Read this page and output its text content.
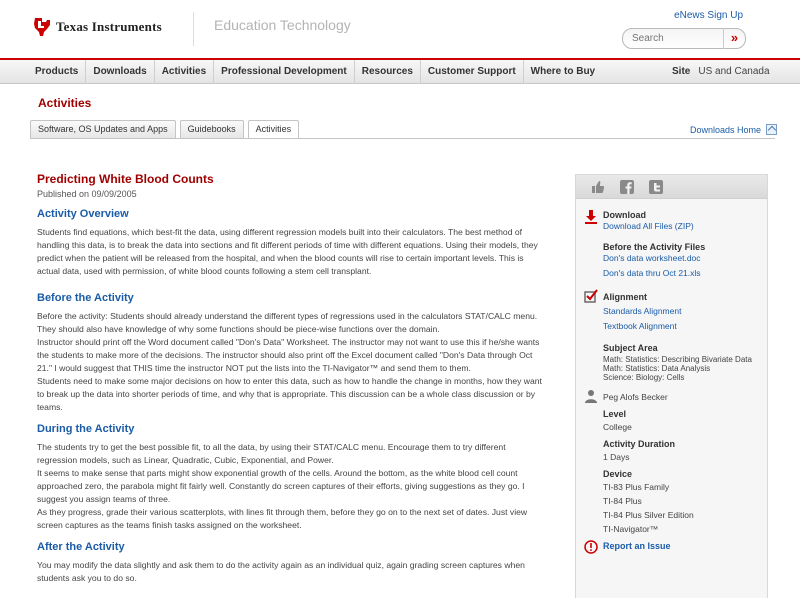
Texas Instruments	Education Technology
eNews Sign Up
Search
»
Products	Downloads	Activities	Professional Development	Resources	Customer Support	Where to Buy	Site US and Canada
Activities
Software, OS Updates and Apps	Guidebooks	Activities	Downloads Home
Predicting White Blood Counts
Published on 09/09/2005
Activity Overview

Students find equations, which best-fit the data, using different regression models built into their calculators. The best method of handling this data, is to break the data into sections and fit different periods of time with different equations. Using their models, they predict when the patient will be released from the hospital, and when the blood counts will rise to certain important levels. This is actual data, used with permission, of white blood counts following a stem cell transplant.

Before the Activity

Before the activity: Students should already understand the different types of regressions used in the calculators STAT/CALC menu. They should also have knowledge of why some functions should be piece-wise functions over the domain.

Instructor should print off the Word document called "Don's Data" Worksheet. The instructor may not want to use this if he/she wants the students to make more of the decisions. The instructor should also print off the Excel document called "Don's Data through Oct 21." I would suggest that THIS time the instructor NOT put the lists into the TI-Navigator™ and send them to them.

Students need to make some major decisions on how to enter this data, such as how to handle the change in months, how they want to break up the data into shorter periods of time, and why that is appropriate. This discussion can be a whole class discussion or by teams.

During the Activity

The students try to get the best possible fit, to all the data, by using their STAT/CALC menu. Encourage them to try different regression models, such as Linear, Quadratic, Cubic, Exponential, and Power.

It seems to make sense that parts might show exponential growth of the cells. Around the bottom, as the white blood cell count approached zero, the parabola might fit fairly well. Constantly do screen captures of their efforts, giving suggestions as they go. I suggest you assign teams of three.

As they progress, grade their various scatterplots, with lines fit through them, before they go on to the next set of dates. Just view screen captures as the teams finish tasks assigned on the worksheet.

After the Activity

You may modify the data slightly and ask them to do the activity again as an individual quiz, again grading screen captures when students ask you to do so.

Download
Download All Files (ZIP)
Before the Activity Files
Don's data worksheet.doc
Don's data thru Oct 21.xls
Alignment
Standards Alignment
Textbook Alignment
Subject Area
Math: Statistics: Describing Bivariate Data
Math: Statistics: Data Analysis
Science: Biology: Cells
Peg Alofs Becker
Level
College
Activity Duration
1 Days
Device
TI-83 Plus Family
TI-84 Plus
TI-84 Plus Silver Edition
TI-Navigator™
Report an Issue
